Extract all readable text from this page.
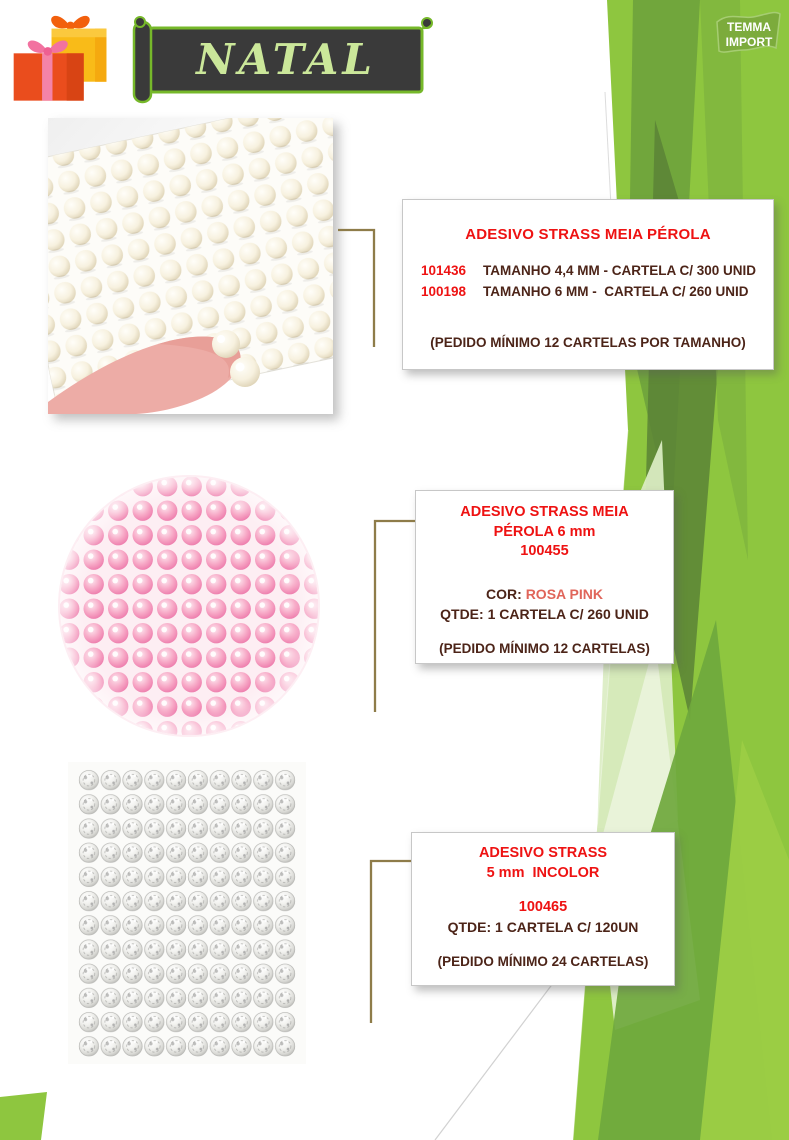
NATAL
TEMMA
IMPORT
ADESIVO STRASS MEIA PÉROLA
101436	TAMANHO 4,4 MM - CARTELA C/ 300 UNID
100198	TAMANHO 6 MM -  CARTELA C/ 260 UNID
(PEDIDO MÍNIMO 12 CARTELAS POR TAMANHO)
ADESIVO STRASS MEIA
PÉROLA 6 mm
100455
COR: ROSA PINK
QTDE: 1 CARTELA C/ 260 UNID
(PEDIDO MÍNIMO 12 CARTELAS)
ADESIVO STRASS
5 mm  INCOLOR
100465
QTDE: 1 CARTELA C/ 120UN
(PEDIDO MÍNIMO 24 CARTELAS)
